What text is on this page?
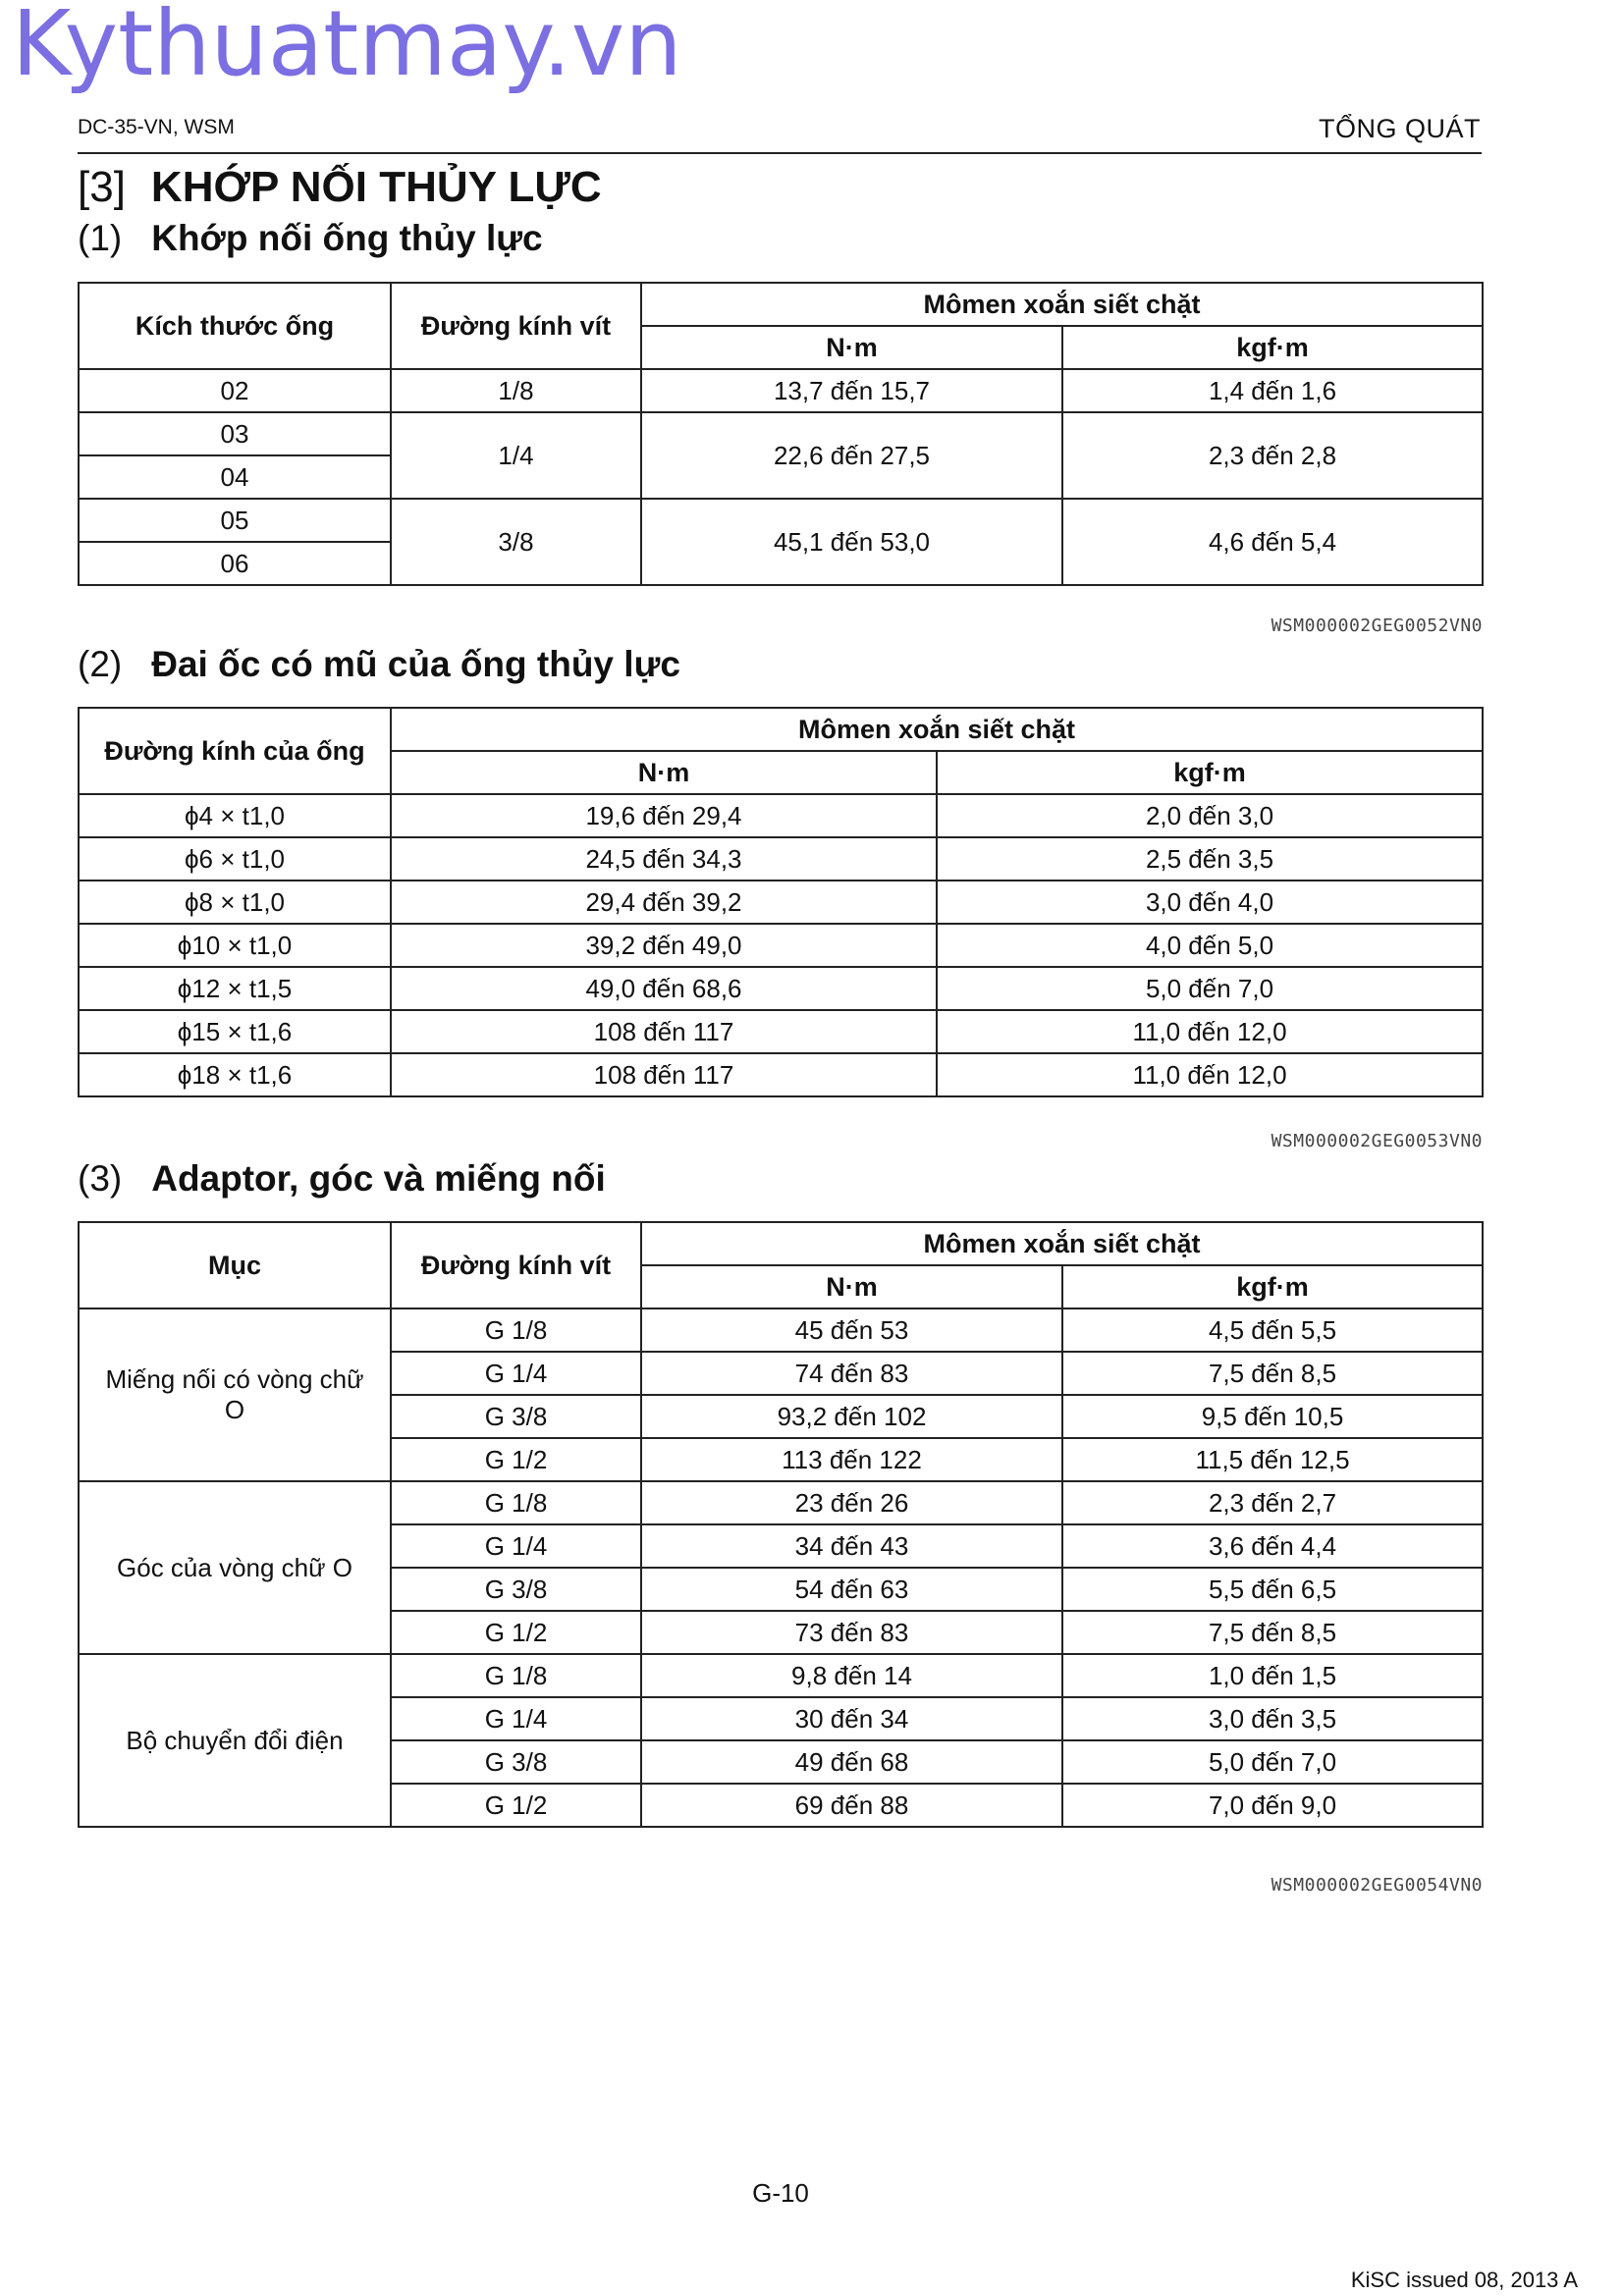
Kythuatmay.vn
DC-35-VN, WSM	TỔNG QUÁT
[3] KHỚP NỐI THỦY LỰC
(1) Khớp nối ống thủy lực
Kích thước ống	Đường kính vít	Mômen xoắn siết chặt	
		N·m	kgf·m
02	1/8	13,7 đến 15,7	1,4 đến 1,6
03	1/4	22,6 đến 27,5	2,3 đến 2,8
04			
05	3/8	45,1 đến 53,0	4,6 đến 5,4
06			
WSM000002GEG0052VN0
(2) Đai ốc có mũ của ống thủy lực
Đường kính của ống	Mômen xoắn siết chặt	
	N·m	kgf·m
ϕ4 × t1,0	19,6 đến 29,4	2,0 đến 3,0
ϕ6 × t1,0	24,5 đến 34,3	2,5 đến 3,5
ϕ8 × t1,0	29,4 đến 39,2	3,0 đến 4,0
ϕ10 × t1,0	39,2 đến 49,0	4,0 đến 5,0
ϕ12 × t1,5	49,0 đến 68,6	5,0 đến 7,0
ϕ15 × t1,6	108 đến 117	11,0 đến 12,0
ϕ18 × t1,6	108 đến 117	11,0 đến 12,0
WSM000002GEG0053VN0
(3) Adaptor, góc và miếng nối
Mục	Đường kính vít	Mômen xoắn siết chặt	
		N·m	kgf·m
Miếng nối có vòng chữ O	G 1/8	45 đến 53	4,5 đến 5,5
	G 1/4	74 đến 83	7,5 đến 8,5
	G 3/8	93,2 đến 102	9,5 đến 10,5
	G 1/2	113 đến 122	11,5 đến 12,5
Góc của vòng chữ O	G 1/8	23 đến 26	2,3 đến 2,7
	G 1/4	34 đến 43	3,6 đến 4,4
	G 3/8	54 đến 63	5,5 đến 6,5
	G 1/2	73 đến 83	7,5 đến 8,5
Bộ chuyển đổi điện	G 1/8	9,8 đến 14	1,0 đến 1,5
	G 1/4	30 đến 34	3,0 đến 3,5
	G 3/8	49 đến 68	5,0 đến 7,0
	G 1/2	69 đến 88	7,0 đến 9,0
WSM000002GEG0054VN0
G-10
KiSC issued 08, 2013 A
